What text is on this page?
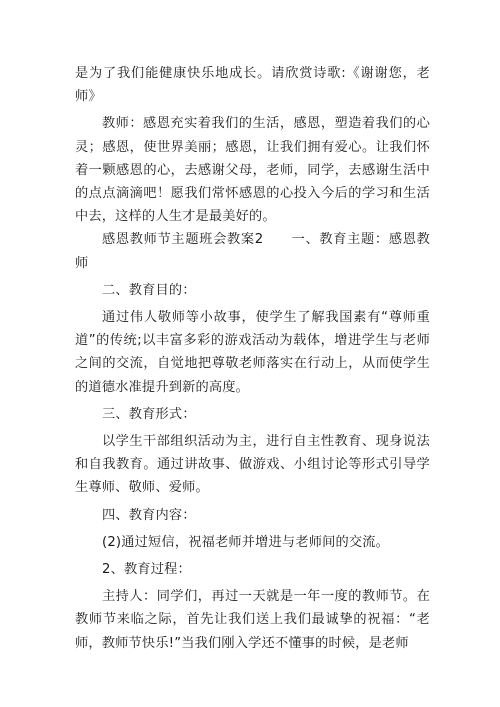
是为了我们能健康快乐地成长。请欣赏诗歌:《谢谢您，老师》

教师：感恩充实着我们的生活，感恩，塑造着我们的心灵；感恩，使世界美丽；感恩，让我们拥有爱心。让我们怀着一颗感恩的心，去感谢父母，老师，同学，去感谢生活中的点点滴滴吧！愿我们常怀感恩的心投入今后的学习和生活中去，这样的人生才是最美好的。

感恩教师节主题班会教案2　　一、教育主题：感恩教师

二、教育目的：

通过伟人敬师等小故事，使学生了解我国素有“尊师重道”的传统;以丰富多彩的游戏活动为载体，增进学生与老师之间的交流，自觉地把尊敬老师落实在行动上，从而使学生的道德水准提升到新的高度。

三、教育形式：

以学生干部组织活动为主，进行自主性教育、现身说法和自我教育。通过讲故事、做游戏、小组讨论等形式引导学生尊师、敬师、爱师。

四、教育内容：

(2)通过短信，祝福老师并增进与老师间的交流。

2、教育过程：

主持人：同学们，再过一天就是一年一度的教师节。在教师节来临之际，首先让我们送上我们最诚挚的祝福：“老师，教师节快乐!”当我们刚入学还不懂事的时候，是老师
